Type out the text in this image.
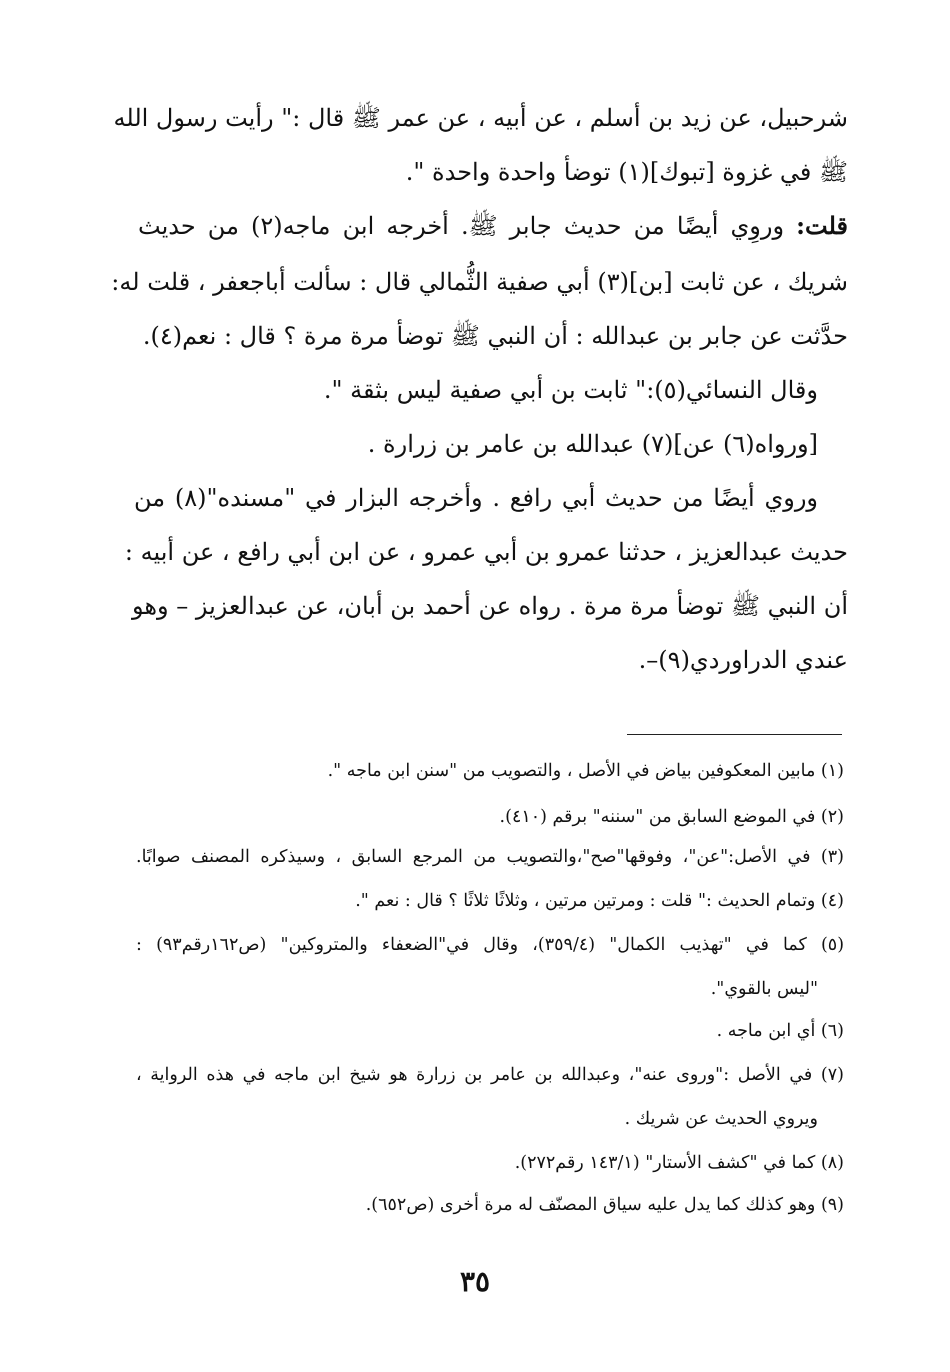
شرحبيل، عن زيد بن أسلم ، عن أبيه ، عن عمر ﷺ قال :" رأيت رسول الله
ﷺ في غزوة [تبوك](١) توضأ واحدة واحدة ".
قلت: وروِي أيضًا من حديث جابر ﷺ. أخرجه ابن ماجه(٢) من حديث
شريك ، عن ثابت [بن](٣) أبي صفية الثُّمالي قال : سألت أباجعفر ، قلت له:
حدَّثت عن جابر بن عبدالله : أن النبي ﷺ توضأ مرة مرة ؟ قال : نعم(٤).
وقال النسائي(٥):" ثابت بن أبي صفية ليس بثقة ".
[ورواه(٦) عن](٧) عبدالله بن عامر بن زرارة .
وروي أيضًا من حديث أبي رافع . وأخرجه البزار في "مسنده"(٨) من
حديث عبدالعزيز ، حدثنا عمرو بن أبي عمرو ، عن ابن أبي رافع ، عن أبيه :
أن النبي ﷺ توضأ مرة مرة . رواه عن أحمد بن أبان، عن عبدالعزيز – وهو
عندي الدراوردي(٩)–.
(١) مابين المعكوفين بياض في الأصل ، والتصويب من "سنن ابن ماجه ".
(٢) في الموضع السابق من "سننه" برقم (٤١٠).
(٣) في الأصل:"عن"، وفوقها"صح"،والتصويب من المرجع السابق ، وسيذكره المصنف صوابًا.
(٤) وتمام الحديث :" قلت : ومرتين مرتين ، وثلاثًا ثلاثًا ؟ قال : نعم ".
(٥) كما في "تهذيب الكمال" (٣٥٩/٤)، وقال في"الضعفاء والمتروكين" (ص١٦٢رقم٩٣) :
"ليس بالقوي".
(٦) أي ابن ماجه .
(٧) في الأصل :"وروى عنه"، وعبدالله بن عامر بن زرارة هو شيخ ابن ماجه في هذه الرواية ،
ويروي الحديث عن شريك .
(٨) كما في "كشف الأستار" (١٤٣/١ رقم٢٧٢).
(٩) وهو كذلك كما يدل عليه سياق المصنّف له مرة أخرى (ص٦٥٢).
٣٥
